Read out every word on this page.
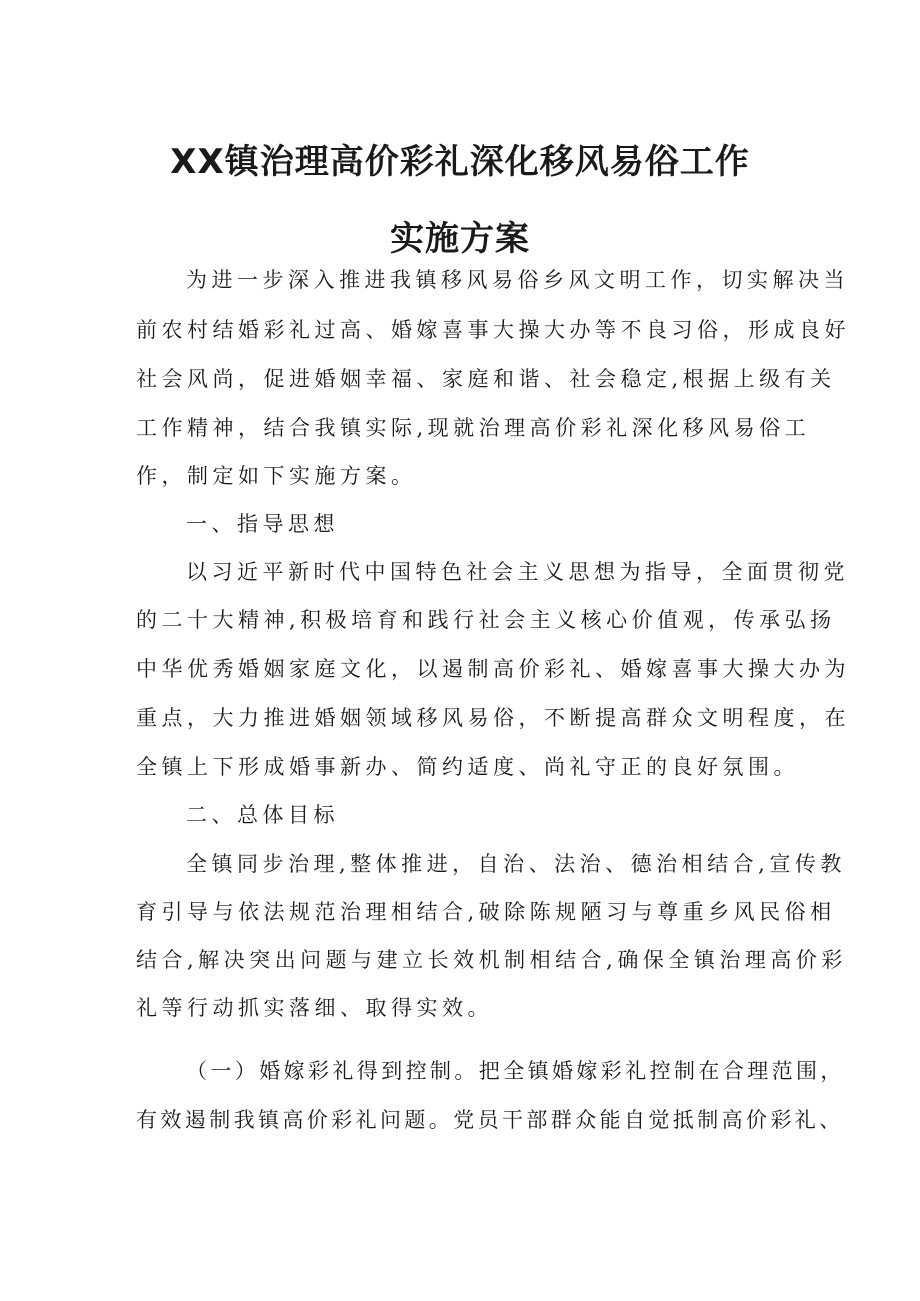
XX镇治理高价彩礼深化移风易俗工作
实施方案

为进一步深入推进我镇移风易俗乡风文明工作，切实解决当

前农村结婚彩礼过高、婚嫁喜事大操大办等不良习俗，形成良好

社会风尚，促进婚姻幸福、家庭和谐、社会稳定,根据上级有关

工作精神，结合我镇实际,现就治理高价彩礼深化移风易俗工

作，制定如下实施方案。

一、指导思想

以习近平新时代中国特色社会主义思想为指导，全面贯彻党

的二十大精神,积极培育和践行社会主义核心价值观，传承弘扬

中华优秀婚姻家庭文化，以遏制高价彩礼、婚嫁喜事大操大办为

重点，大力推进婚姻领域移风易俗，不断提高群众文明程度，在

全镇上下形成婚事新办、简约适度、尚礼守正的良好氛围。

二、总体目标

全镇同步治理,整体推进，自治、法治、德治相结合,宣传教

育引导与依法规范治理相结合,破除陈规陋习与尊重乡风民俗相

结合,解决突出问题与建立长效机制相结合,确保全镇治理高价彩

礼等行动抓实落细、取得实效。

（一）婚嫁彩礼得到控制。把全镇婚嫁彩礼控制在合理范围，

有效遏制我镇高价彩礼问题。党员干部群众能自觉抵制高价彩礼、
